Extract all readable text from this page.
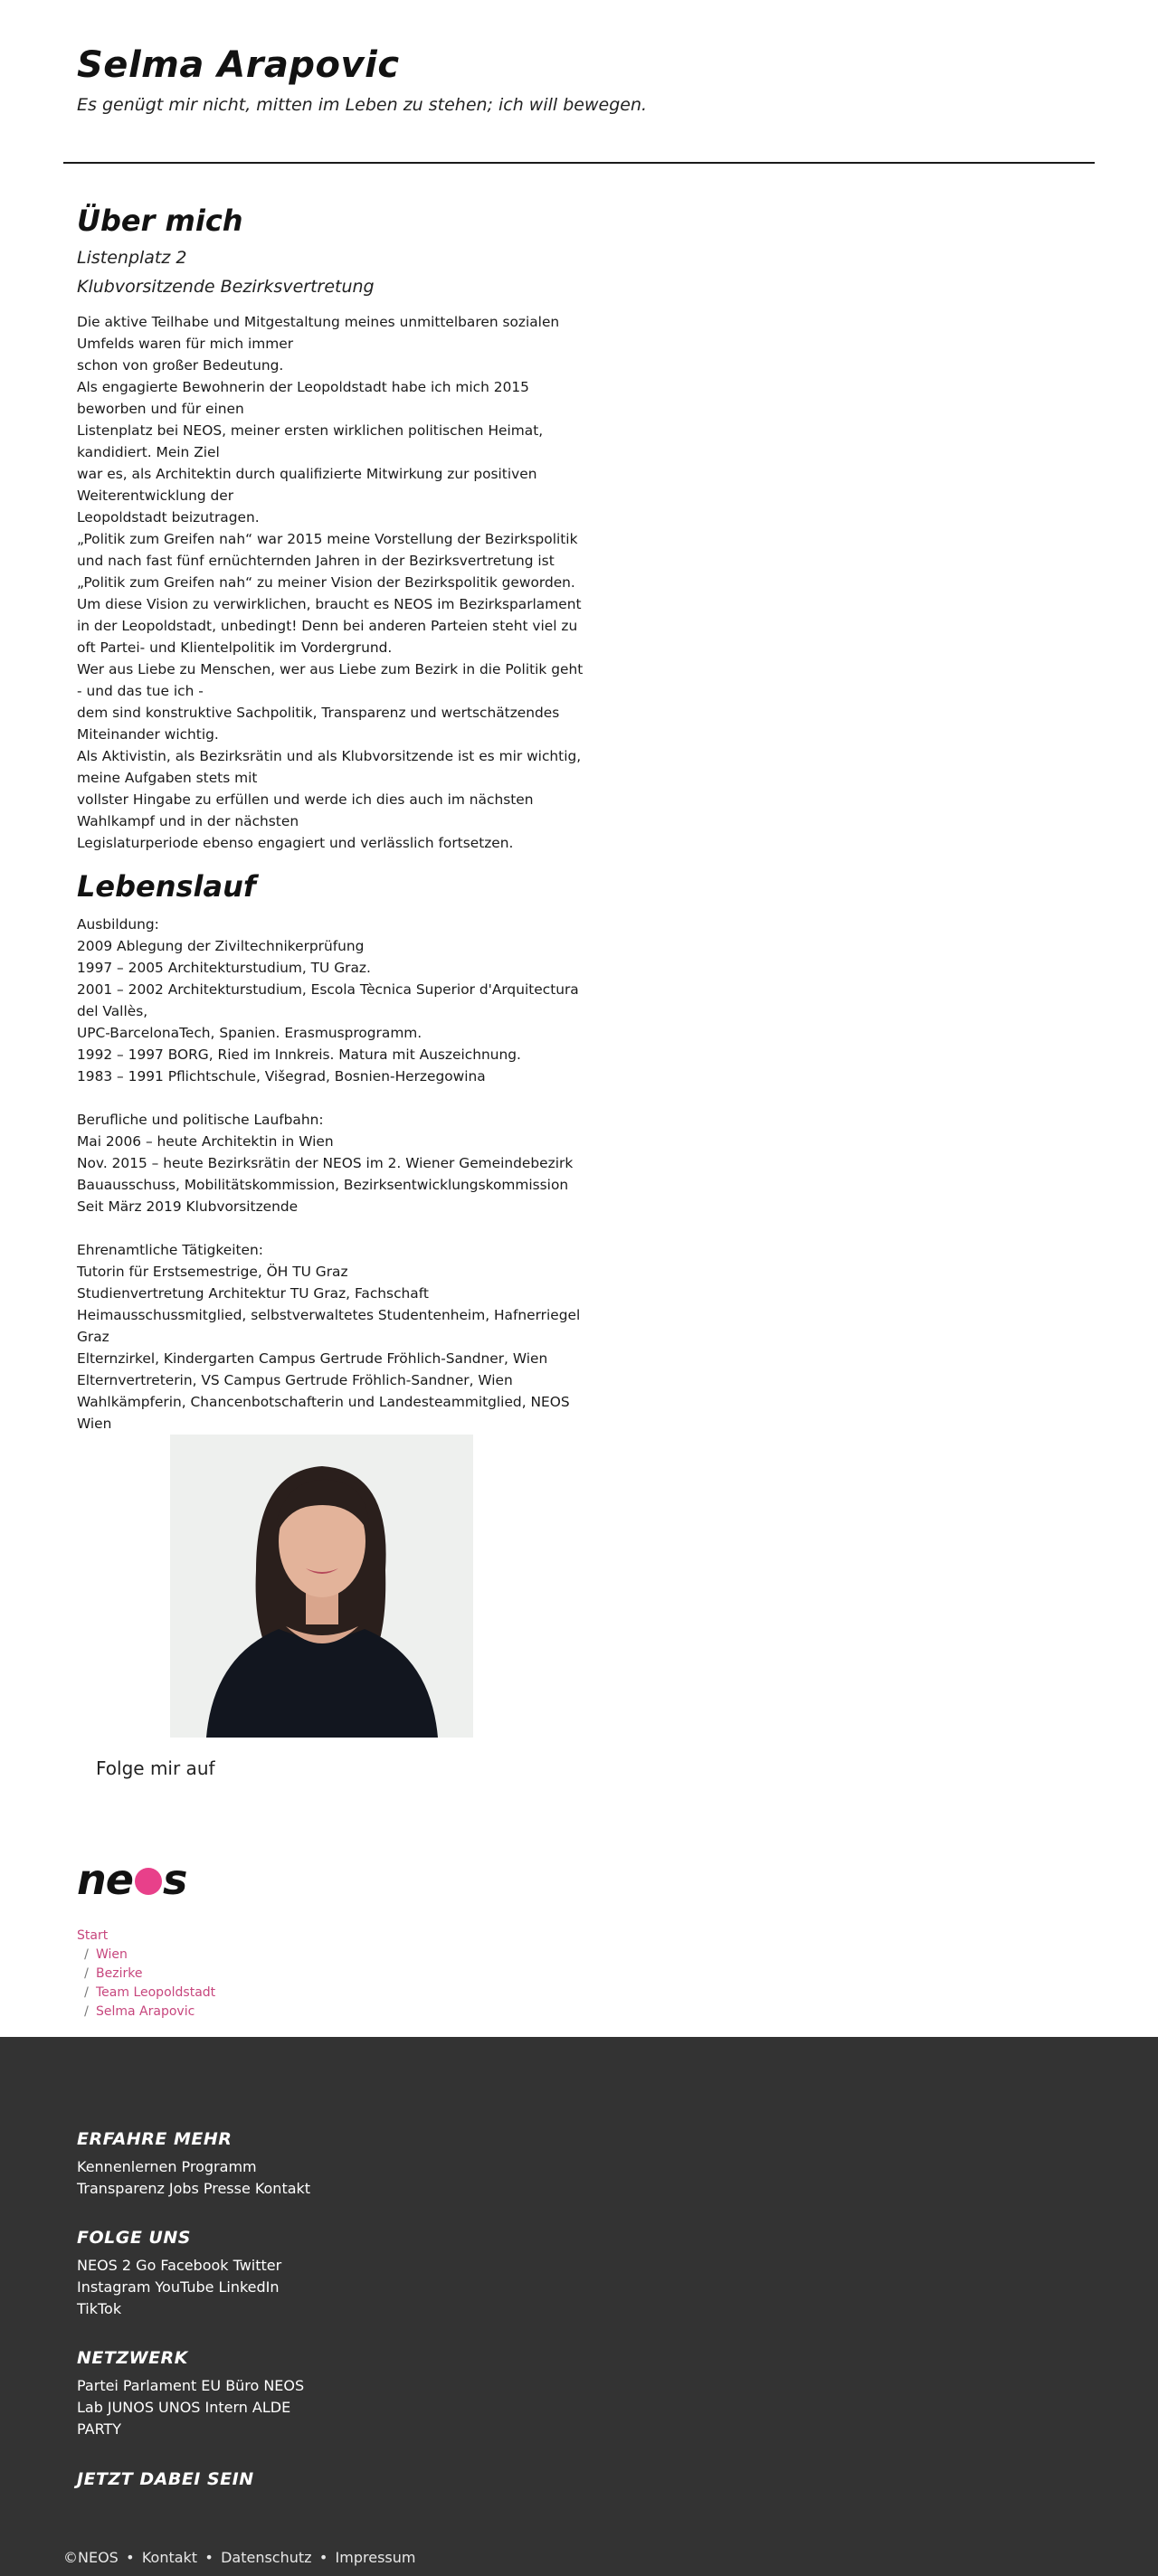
Selma Arapovic

Es genügt mir nicht, mitten im Leben zu stehen; ich will bewegen.

Über mich

Listenplatz 2

Klubvorsitzende Bezirksvertretung

Die aktive Teilhabe und Mitgestaltung meines unmittelbaren sozialen
Umfelds waren für mich immer
schon von großer Bedeutung.
Als engagierte Bewohnerin der Leopoldstadt habe ich mich 2015
beworben und für einen
Listenplatz bei NEOS, meiner ersten wirklichen politischen Heimat,
kandidiert. Mein Ziel
war es, als Architektin durch qualifizierte Mitwirkung zur positiven
Weiterentwicklung der
Leopoldstadt beizutragen.
„Politik zum Greifen nah“ war 2015 meine Vorstellung der Bezirkspolitik
und nach fast fünf ernüchternden Jahren in der Bezirksvertretung ist
„Politik zum Greifen nah“ zu meiner Vision der Bezirkspolitik geworden.
Um diese Vision zu verwirklichen, braucht es NEOS im Bezirksparlament
in der Leopoldstadt, unbedingt! Denn bei anderen Parteien steht viel zu
oft Partei- und Klientelpolitik im Vordergrund.
Wer aus Liebe zu Menschen, wer aus Liebe zum Bezirk in die Politik geht
- und das tue ich -
dem sind konstruktive Sachpolitik, Transparenz und wertschätzendes
Miteinander wichtig.
Als Aktivistin, als Bezirksrätin und als Klubvorsitzende ist es mir wichtig,
meine Aufgaben stets mit
vollster Hingabe zu erfüllen und werde ich dies auch im nächsten
Wahlkampf und in der nächsten
Legislaturperiode ebenso engagiert und verlässlich fortsetzen.
Lebenslauf
Ausbildung:
2009 Ablegung der Ziviltechnikerprüfung
1997 – 2005 Architekturstudium, TU Graz.
2001 – 2002 Architekturstudium, Escola Tècnica Superior d'Arquitectura
del Vallès,
UPC-BarcelonaTech, Spanien. Erasmusprogramm.
1992 – 1997 BORG, Ried im Innkreis. Matura mit Auszeichnung.
1983 – 1991 Pflichtschule, Višegrad, Bosnien-Herzegowina
Berufliche und politische Laufbahn:
Mai 2006 – heute Architektin in Wien
Nov. 2015 – heute Bezirksrätin der NEOS im 2. Wiener Gemeindebezirk
Bauausschuss, Mobilitätskommission, Bezirksentwicklungskommission
Seit März 2019 Klubvorsitzende
Ehrenamtliche Tätigkeiten:
Tutorin für Erstsemestrige, ÖH TU Graz
Studienvertretung Architektur TU Graz, Fachschaft
Heimausschussmitglied, selbstverwaltetes Studentenheim, Hafnerriegel
Graz
Elternzirkel, Kindergarten Campus Gertrude Fröhlich-Sandner, Wien
Elternvertreterin, VS Campus Gertrude Fröhlich-Sandner, Wien
Wahlkämpferin, Chancenbotschafterin und Landesteammitglied, NEOS
Wien
Folge mir auf
ne s
Start
/ Wien
/ Bezirke
/ Team Leopoldstadt
/ Selma Arapovic
ERFAHRE MEHR
Kennenlernen Programm
Transparenz Jobs Presse Kontakt
FOLGE UNS
NEOS 2 Go Facebook Twitter
Instagram YouTube LinkedIn
TikTok
NETZWERK
Partei Parlament EU Büro NEOS
Lab JUNOS UNOS Intern ALDE
PARTY
JETZT DABEI SEIN
©NEOS • Kontakt • Datenschutz • Impressum
